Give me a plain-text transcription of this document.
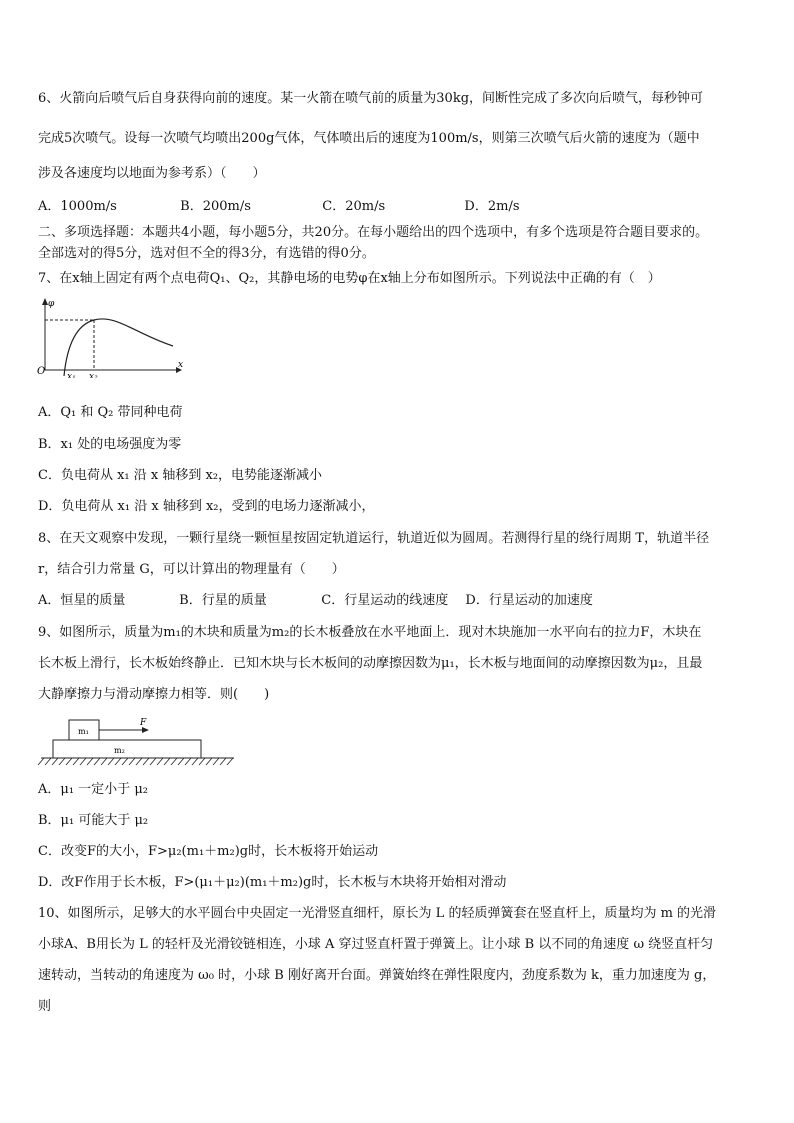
6、火箭向后喷气后自身获得向前的速度。某一火箭在喷气前的质量为30kg，间断性完成了多次向后喷气，每秒钟可
完成5次喷气。设每一次喷气均喷出200g气体，气体喷出后的速度为100m/s，则第三次喷气后火箭的速度为（题中
涉及各速度均以地面为参考系）（　　）
A．1000m/s	B．200m/s	C．20m/s	D．2m/s
二、多项选择题：本题共4小题，每小题5分，共20分。在每小题给出的四个选项中，有多个选项是符合题目要求的。
全部选对的得5分，选对但不全的得3分，有选错的得0分。
7、在x轴上固定有两个点电荷Q₁、Q₂，其静电场的电势φ在x轴上分布如图所示。下列说法中正确的有（　）
φ
O
x
x₁ x₂
A．Q₁ 和 Q₂ 带同种电荷
B．x₁ 处的电场强度为零
C．负电荷从 x₁ 沿 x 轴移到 x₂，电势能逐渐减小
D．负电荷从 x₁ 沿 x 轴移到 x₂，受到的电场力逐渐减小，
8、在天文观察中发现，一颗行星绕一颗恒星按固定轨道运行，轨道近似为圆周。若测得行星的绕行周期 T，轨道半径
r，结合引力常量 G，可以计算出的物理量有（　　）
A．恒星的质量	B．行星的质量	C．行星运动的线速度 D．行星运动的加速度
9、如图所示，质量为m₁的木块和质量为m₂的长木板叠放在水平地面上．现对木块施加一水平向右的拉力F，木块在
长木板上滑行，长木板始终静止．已知木块与长木板间的动摩擦因数为μ₁，长木板与地面间的动摩擦因数为μ₂，且最
大静摩擦力与滑动摩擦力相等．则(　　)
m₁
F
m₂
A．μ₁ 一定小于 μ₂
B．μ₁ 可能大于 μ₂
C．改变F的大小，F>μ₂(m₁＋m₂)g时，长木板将开始运动
D．改F作用于长木板，F>(μ₁＋μ₂)(m₁＋m₂)g时，长木板与木块将开始相对滑动
10、如图所示，足够大的水平圆台中央固定一光滑竖直细杆，原长为 L 的轻质弹簧套在竖直杆上，质量均为 m 的光滑
小球A、B用长为 L 的轻杆及光滑铰链相连，小球 A 穿过竖直杆置于弹簧上。让小球 B 以不同的角速度 ω 绕竖直杆匀
速转动，当转动的角速度为 ω₀ 时，小球 B 刚好离开台面。弹簧始终在弹性限度内，劲度系数为 k，重力加速度为 g，
则
